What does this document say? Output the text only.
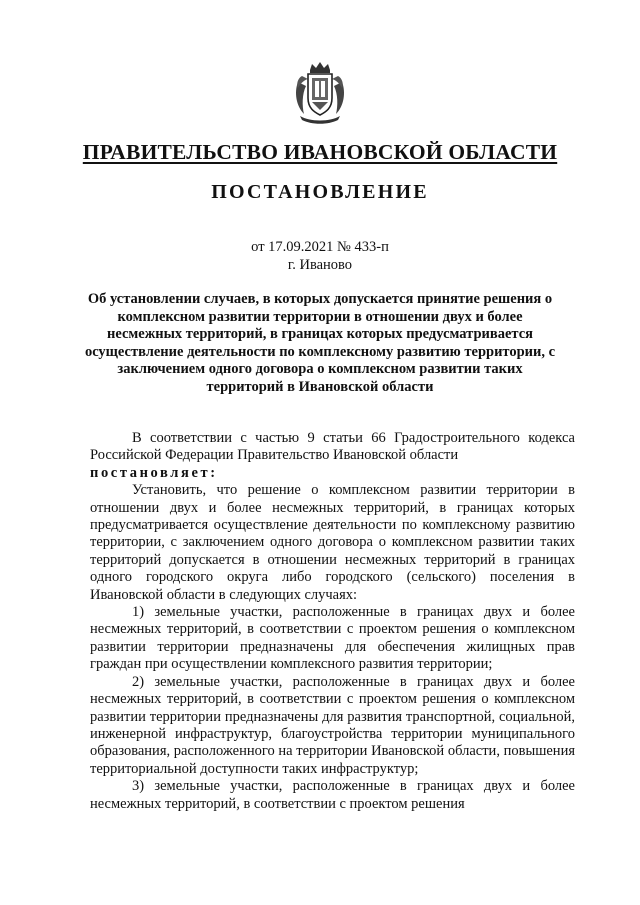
ПРАВИТЕЛЬСТВО ИВАНОВСКОЙ ОБЛАСТИ
ПОСТАНОВЛЕНИЕ
от 17.09.2021 № 433-п
г. Иваново
Об установлении случаев, в которых допускается принятие решения о комплексном развитии территории в отношении двух и более несмежных территорий, в границах которых предусматривается осуществление деятельности по комплексному развитию территории, с заключением одного договора о комплексном развитии таких территорий в Ивановской области

В соответствии с частью 9 статьи 66 Градостроительного кодекса Российской Федерации Правительство Ивановской области

постановляет:

Установить, что решение о комплексном развитии территории в отношении двух и более несмежных территорий, в границах которых предусматривается осуществление деятельности по комплексному развитию территории, с заключением одного договора о комплексном развитии таких территорий допускается в отношении несмежных территорий в границах одного городского округа либо городского (сельского) поселения в Ивановской области в следующих случаях:

1) земельные участки, расположенные в границах двух и более несмежных территорий, в соответствии с проектом решения о комплексном развитии территории предназначены для обеспечения жилищных прав граждан при осуществлении комплексного развития территории;

2) земельные участки, расположенные в границах двух и более несмежных территорий, в соответствии с проектом решения о комплексном развитии территории предназначены для развития транспортной, социальной, инженерной инфраструктур, благоустройства территории муниципального образования, расположенного на территории Ивановской области, повышения территориальной доступности таких инфраструктур;

3) земельные участки, расположенные в границах двух и более несмежных территорий, в соответствии с проектом решения
